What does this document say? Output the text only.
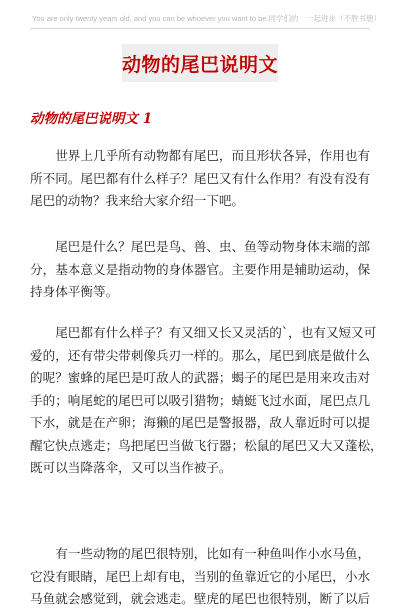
You are only twenty years old, and you can be whoever you want to be.同学们的　一起进步（不胜书册）
动物的尾巴说明文
动物的尾巴说明文 1
　　世界上几乎所有动物都有尾巴，而且形状各异，作用也有
所不同。尾巴都有什么样子？尾巴又有什么作用？有没有没有
尾巴的动物？我来给大家介绍一下吧。
　　尾巴是什么？尾巴是鸟、兽、虫、鱼等动物身体末端的部
分，基本意义是指动物的身体器官。主要作用是辅助运动，保
持身体平衡等。
　　尾巴都有什么样子？有又细又长又灵活的`，也有又短又可
爱的，还有带尖带刺像兵刃一样的。那么，尾巴到底是做什么
的呢？蜜蜂的尾巴是叮敌人的武器；蝎子的尾巴是用来攻击对
手的；响尾蛇的尾巴可以吸引猎物；蜻蜓飞过水面，尾巴点几
下水，就是在产卵；海獭的尾巴是警报器，敌人靠近时可以提
醒它快点逃走；鸟把尾巴当做飞行器；松鼠的尾巴又大又蓬松，
既可以当降落伞，又可以当作被子。
　　有一些动物的尾巴很特别，比如有一种鱼叫作小水马鱼，
它没有眼睛，尾巴上却有电，当别的鱼靠近它的小尾巴，小水
马鱼就会感觉到，就会逃走。壁虎的尾巴也很特别，断了以后
